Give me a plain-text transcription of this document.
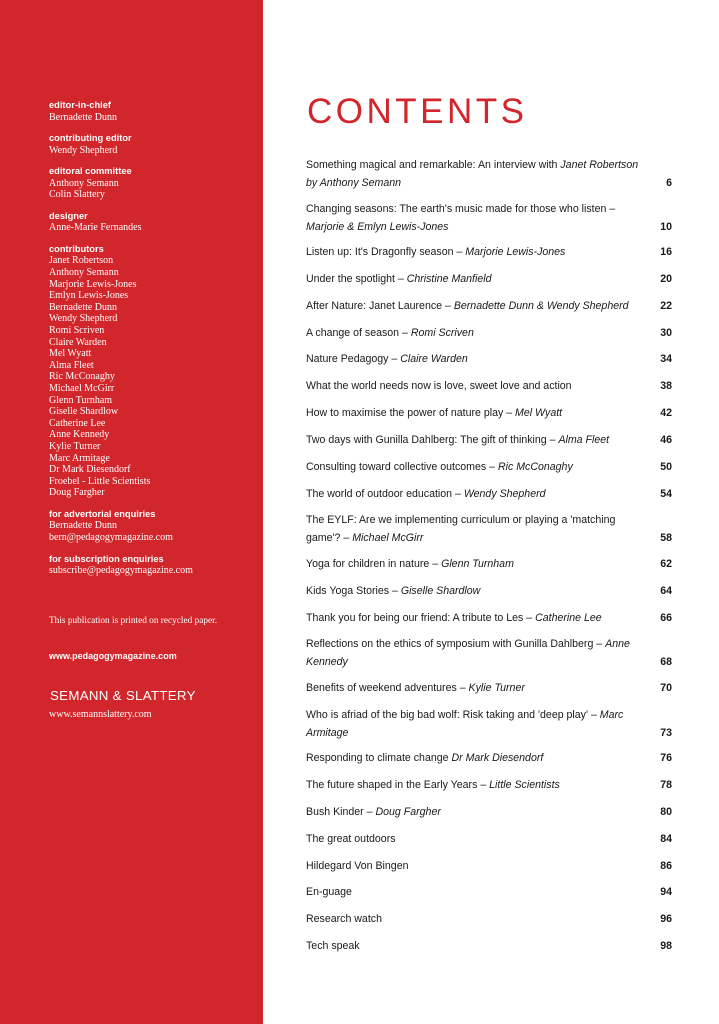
editor-in-chief
Bernadette Dunn
contributing editor
Wendy Shepherd
editoral committee
Anthony Semann
Colin Slattery
designer
Anne-Marie Fernandes
contributors
Janet Robertson
Anthony Semann
Marjorie Lewis-Jones
Emlyn Lewis-Jones
Bernadette Dunn
Wendy Shepherd
Romi Scriven
Claire Warden
Mel Wyatt
Alma Fleet
Ric McConaghy
Michael McGirr
Glenn Turnham
Giselle Shardlow
Catherine Lee
Anne Kennedy
Kylie Turner
Marc Armitage
Dr Mark Diesendorf
Froebel - Little Scientists
Doug Fargher
for advertorial enquiries
Bernadette Dunn
bern@pedagogymagazine.com
for subscription enquiries
subscribe@pedagogymagazine.com
This publication is printed on recycled paper.
www.pedagogymagazine.com
SEMANN & SLATTERY
www.semannslattery.com
CONTENTS
Something magical and remarkable: An interview with Janet Robertson by Anthony Semann	6
Changing seasons: The earth's music made for those who listen – Marjorie & Emlyn Lewis-Jones	10
Listen up: It's Dragonfly season – Marjorie Lewis-Jones	16
Under the spotlight – Christine Manfield	20
After Nature: Janet Laurence – Bernadette Dunn & Wendy Shepherd	22
A change of season – Romi Scriven	30
Nature Pedagogy – Claire Warden	34
What the world needs now is love, sweet love and action	38
How to maximise the power of nature play – Mel Wyatt	42
Two days with Gunilla Dahlberg: The gift of thinking – Alma Fleet	46
Consulting toward collective outcomes – Ric McConaghy	50
The world of outdoor education – Wendy Shepherd	54
The EYLF: Are we implementing curriculum or playing a 'matching game'? – Michael McGirr	58
Yoga for children in nature – Glenn Turnham	62
Kids Yoga Stories – Giselle Shardlow	64
Thank you for being our friend: A tribute to Les – Catherine Lee	66
Reflections on the ethics of symposium with Gunilla Dahlberg – Anne Kennedy	68
Benefits of weekend adventures – Kylie Turner	70
Who is afriad of the big bad wolf: Risk taking and 'deep play' – Marc Armitage	73
Responding to climate change Dr Mark Diesendorf	76
The future shaped in the Early Years – Little Scientists	78
Bush Kinder – Doug Fargher	80
The great outdoors	84
Hildegard Von Bingen	86
En-guage	94
Research watch	96
Tech speak	98
